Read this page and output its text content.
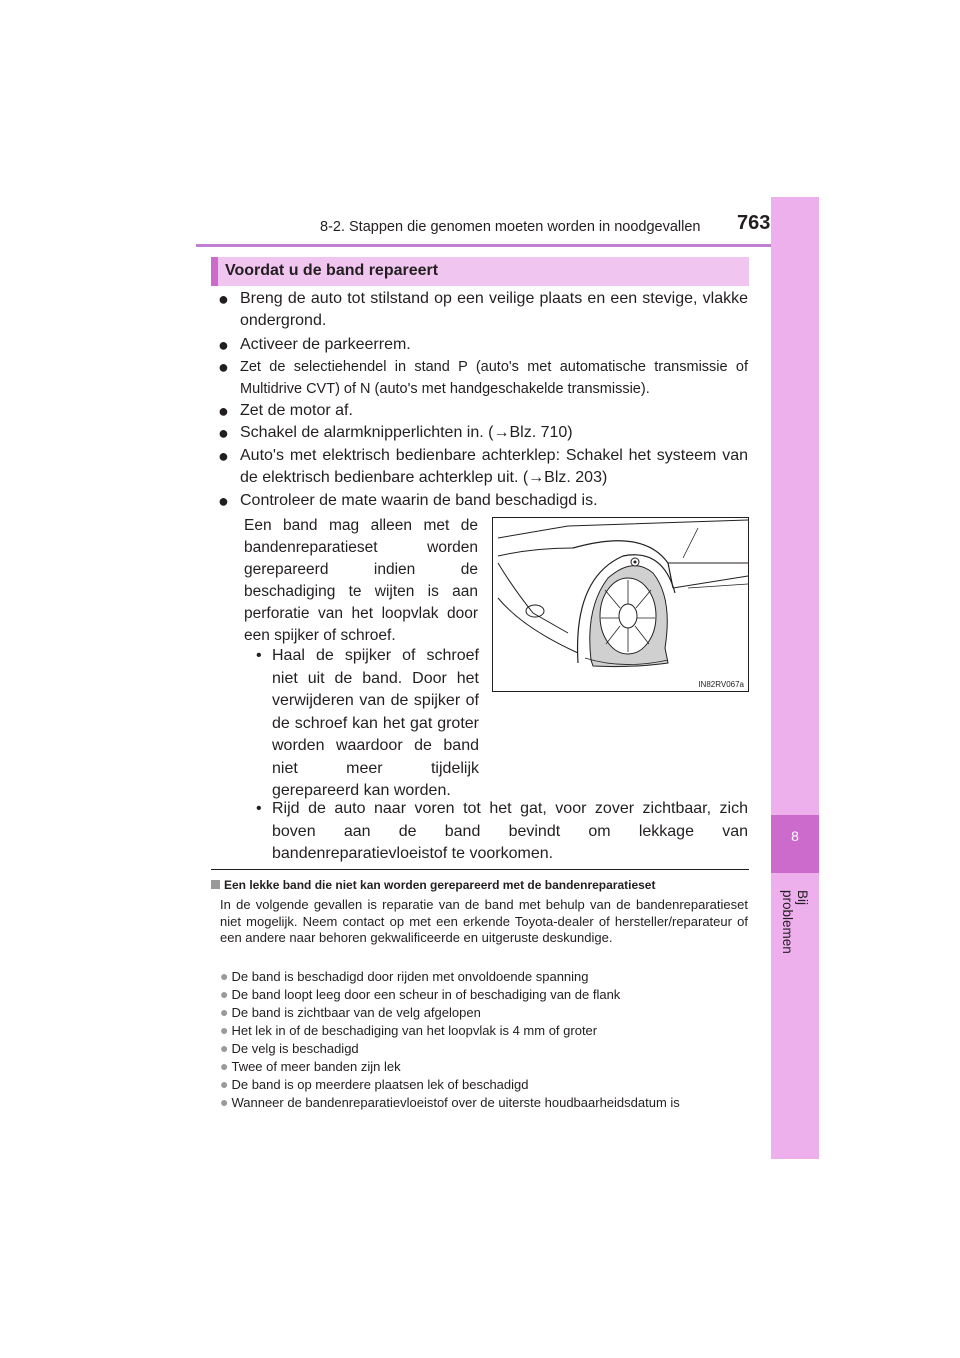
8-2. Stappen die genomen moeten worden in noodgevallen 763
8
Bij problemen
Voordat u de band repareert
● Breng de auto tot stilstand op een veilige plaats en een stevige, vlakke ondergrond.
● Activeer de parkeerrem.
● Zet de selectiehendel in stand P (auto's met automatische transmissie of Multidrive CVT) of N (auto's met handgeschakelde transmissie).
● Zet de motor af.
● Schakel de alarmknipperlichten in. (→Blz. 710)
● Auto's met elektrisch bedienbare achterklep: Schakel het systeem van de elektrisch bedienbare achterklep uit. (→Blz. 203)
● Controleer de mate waarin de band beschadigd is.
Een band mag alleen met de bandenreparatieset worden gerepareerd indien de beschadiging te wijten is aan perforatie van het loopvlak door een spijker of schroef.
• Haal de spijker of schroef niet uit de band. Door het verwijderen van de spijker of de schroef kan het gat groter worden waardoor de band niet meer tijdelijk gerepareerd kan worden.
• Rijd de auto naar voren tot het gat, voor zover zichtbaar, zich boven aan de band bevindt om lekkage van bandenreparatievloeistof te voorkomen.
IN82RV067a
Een lekke band die niet kan worden gerepareerd met de bandenreparatieset
In de volgende gevallen is reparatie van de band met behulp van de bandenreparatieset niet mogelijk. Neem contact op met een erkende Toyota-dealer of hersteller/reparateur of een andere naar behoren gekwalificeerde en uitgeruste deskundige.
● De band is beschadigd door rijden met onvoldoende spanning
● De band loopt leeg door een scheur in of beschadiging van de flank
● De band is zichtbaar van de velg afgelopen
● Het lek in of de beschadiging van het loopvlak is 4 mm of groter
● De velg is beschadigd
● Twee of meer banden zijn lek
● De band is op meerdere plaatsen lek of beschadigd
● Wanneer de bandenreparatievloeistof over de uiterste houdbaarheidsdatum is
